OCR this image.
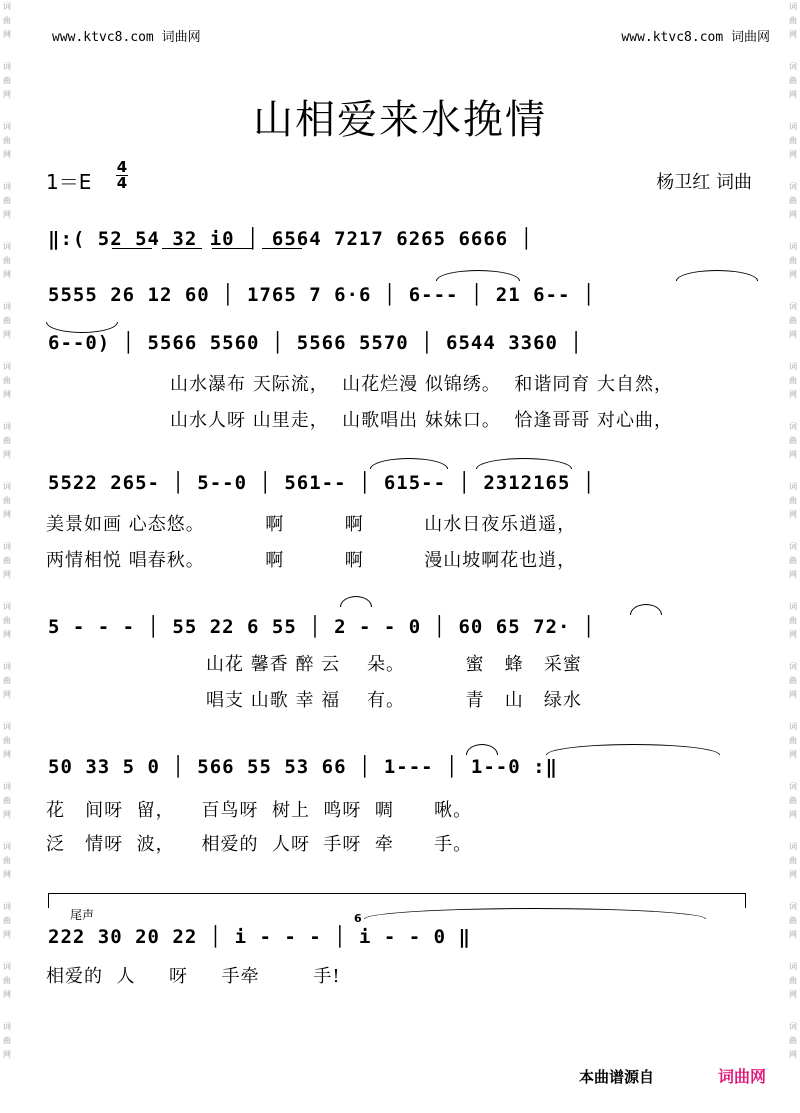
词曲网
词曲网
词曲网
词曲网
词曲网
词曲网
词曲网
词曲网
词曲网
词曲网
词曲网
词曲网
词曲网
词曲网
词曲网
词曲网
词曲网
词曲网
词曲网
词曲网
词曲网
词曲网
词曲网
词曲网
词曲网
词曲网
词曲网
词曲网
词曲网
词曲网
词曲网
词曲网
词曲网
词曲网
词曲网
词曲网
www.ktvc8.com 词曲网	www.ktvc8.com 词曲网
山相爱来水挽情
1＝E
4
4	杨卫红 词曲
‖:( 52 54 32 i0 │ 6564 7217 6265 6666 │
5555 26 12 60 │ 1765 7 6·6 │ 6--- │ 21 6-- │
6--0) │ 5566 5560 │ 5566 5570 │ 6544 3360 │
山水瀑布 天际流，  山花烂漫 似锦绣。  和谐同育 大自然，
山水人呀 山里走，  山歌唱出 妹妹口。  恰逢哥哥 对心曲，
5522 265- │ 5--0 │ 561-- │ 615-- │ 2312165 │
美景如画 心态悠。         啊         啊         山水日夜乐逍遥，
两情相悦 唱春秋。         啊         啊         漫山坡啊花也逍，
5 - - - │ 55 22 6 55 │ 2 - - 0 │ 60 65 72· │
山花 馨香 醉 云    朵。         蜜   蜂   采蜜
唱支 山歌 幸 福    有。         青   山   绿水
50 33 5 0 │ 566 55 53 66 │ 1--- │ 1--0 :‖
花   间呀  留，    百鸟呀  树上  鸣呀  啁      啾。
泛   情呀  波，    相爱的  人呀  手呀  牵      手。
尾声	6
222 30 20 22 │ i - - - │ i - - 0 ‖
相爱的  人     呀     手牵        手!
本曲谱源自	词曲网
